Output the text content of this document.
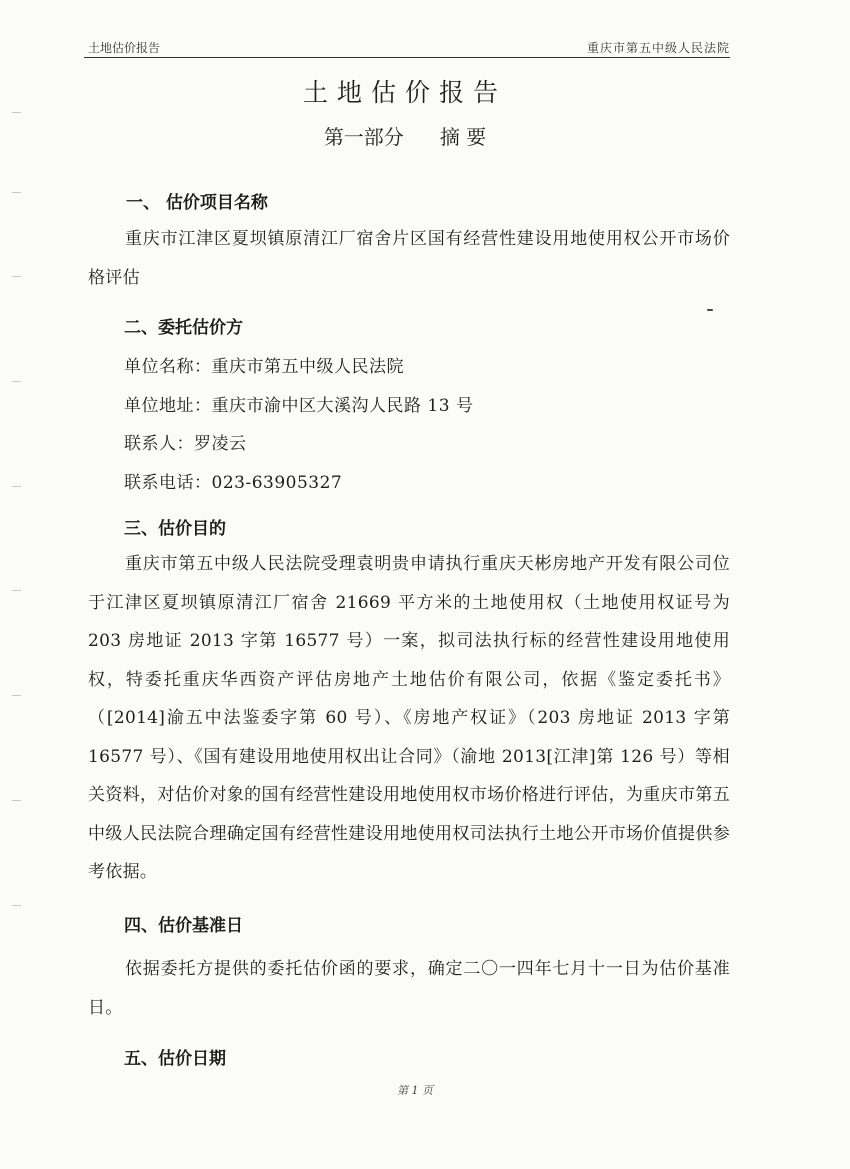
土地估价报告	重庆市第五中级人民法院
土地估价报告
第一部分 摘 要
一、 估价项目名称
重庆市江津区夏坝镇原清江厂宿舍片区国有经营性建设用地使用权公开市场价格评估
二、委托估价方
单位名称：重庆市第五中级人民法院
单位地址：重庆市渝中区大溪沟人民路 13 号
联系人：罗凌云
联系电话：023-63905327
三、估价目的
重庆市第五中级人民法院受理袁明贵申请执行重庆天彬房地产开发有限公司位于江津区夏坝镇原清江厂宿舍 21669 平方米的土地使用权（土地使用权证号为 203 房地证 2013 字第 16577 号）一案，拟司法执行标的经营性建设用地使用权，特委托重庆华西资产评估房地产土地估价有限公司，依据《鉴定委托书》（[2014]渝五中法鉴委字第 60 号）、《房地产权证》（203 房地证 2013 字第 16577 号）、《国有建设用地使用权出让合同》（渝地 2013[江津]第 126 号）等相关资料，对估价对象的国有经营性建设用地使用权市场价格进行评估，为重庆市第五中级人民法院合理确定国有经营性建设用地使用权司法执行土地公开市场价值提供参考依据。
四、估价基准日
依据委托方提供的委托估价函的要求，确定二〇一四年七月十一日为估价基准日。
五、估价日期
第 1 页
